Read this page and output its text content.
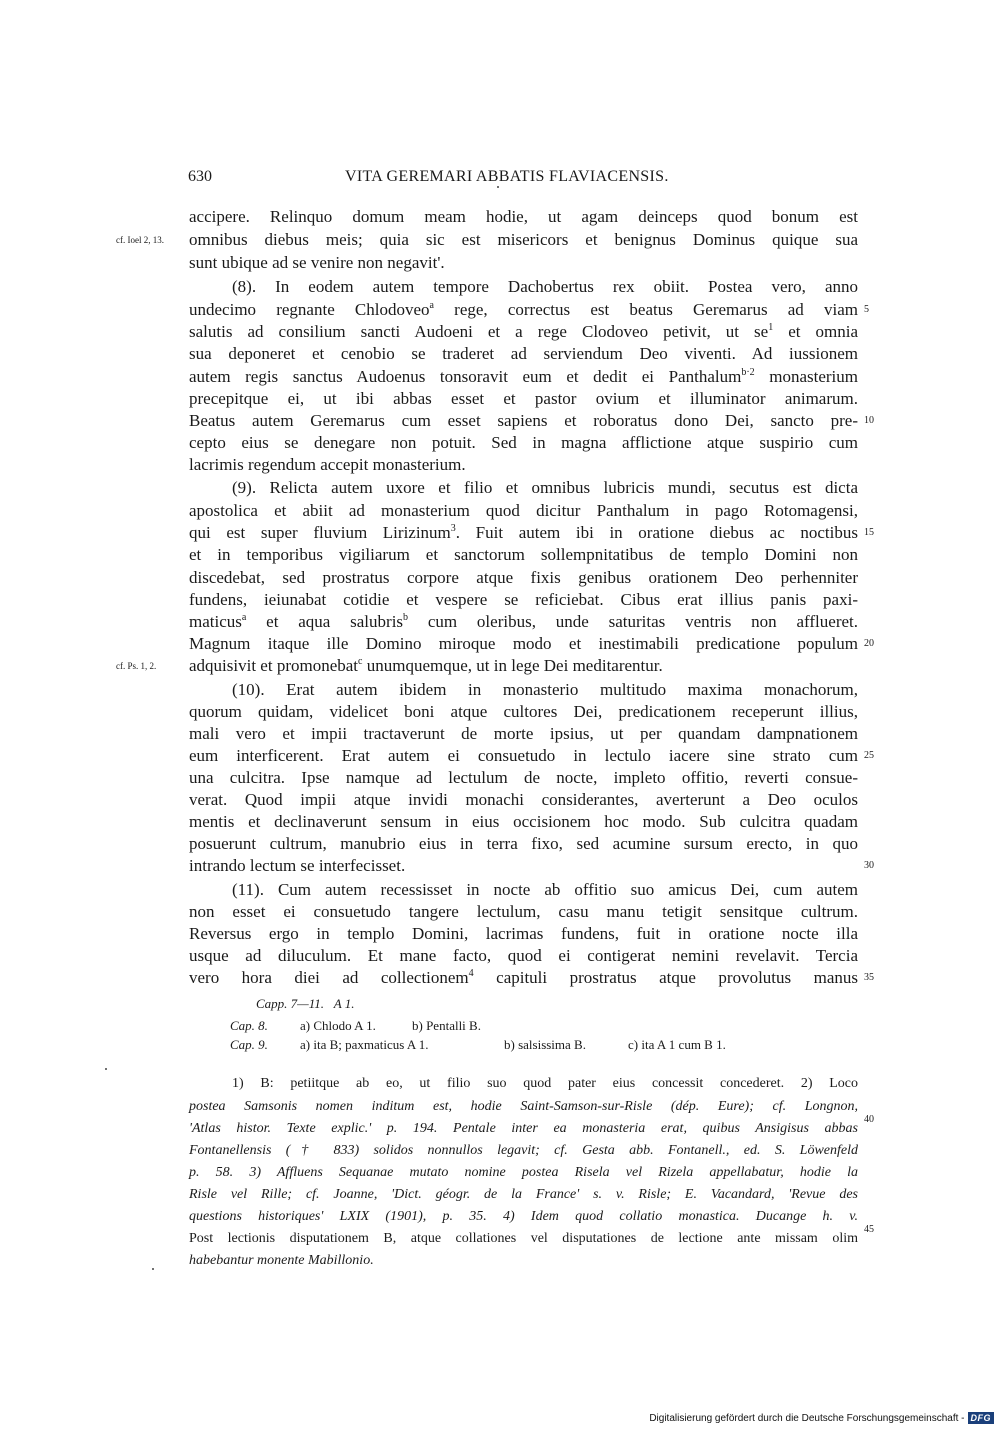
630	VITA GEREMARI ABBATIS FLAVIACENSIS.
accipere. Relinquo domum meam hodie, ut agam deinceps quod bonum est
omnibus diebus meis; quia sic est misericors et benignus Dominus quique sua
sunt ubique ad se venire non negavit'.
(8). In eodem autem tempore Dachobertus rex obiit. Postea vero, anno
undecimo regnante Chlodoveo$^a$ rege, correctus est beatus Geremarus ad viam
salutis ad consilium sancti Audoeni et a rege Clodoveo petivit, ut $se^1$ et omnia
sua deponeret et cenobio se traderet ad serviendum Deo viventi. Ad iussionem
autem regis sanctus Audoenus tonsoravit eum et dedit ei Panthalum$^{b\cdot 2}$ monasterium
precepitque ei, ut ibi abbas esset et pastor ovium et illuminator animarum.
Beatus autem Geremarus cum esset sapiens et roboratus dono Dei, sancto pre-
cepto eius se denegare non potuit. Sed in magna afflictione atque suspirio cum
lacrimis regendum accepit monasterium.
(9). Relicta autem uxore et filio et omnibus lubricis mundi, secutus est dicta
apostolica et abiit ad monasterium quod dicitur Panthalum in pago Rotomagensi,
qui est super fluvium Lirizinum$^3$. Fuit autem ibi in oratione diebus ac noctibus
et in temporibus vigiliarum et sanctorum sollempnitatibus de templo Domini non
discedebat, sed prostratus corpore atque fixis genibus orationem Deo perhenniter
fundens, ieiunabat cotidie et vespere se reficiebat. Cibus erat illius panis paxi-
maticus$^a$ et aqua salubris$^b$ cum oleribus, unde saturitas ventris non afflueret.
Magnum itaque ille Domino miroque modo et inestimabili predicatione populum
adquisivit et promonebat$^c$ unumquemque, ut in lege Dei meditarentur.
(10). Erat autem ibidem in monasterio multitudo maxima monachorum,
quorum quidam, videlicet boni atque cultores Dei, predicationem receperunt illius,
mali vero et impii tractaverunt de morte ipsius, ut per quandam dampnationem
eum interficerent. Erat autem ei consuetudo in lectulo iacere sine strato cum
una culcitra. Ipse namque ad lectulum de nocte, impleto offitio, reverti consue-
verat. Quod impii atque invidi monachi considerantes, averterunt a Deo oculos
mentis et declinaverunt sensum in eius occisionem hoc modo. Sub culcitra quadam
posuerunt cultrum, manubrio eius in terra fixo, sed acumine sursum erecto, in quo
intrando lectum se interfecisset.
(11). Cum autem recessisset in nocte ab offitio suo amicus Dei, cum autem
non esset ei consuetudo tangere lectulum, casu manu tetigit sensitque cultrum.
Reversus ergo in templo Domini, lacrimas fundens, fuit in oratione nocte illa
usque ad diluculum. Et mane facto, quod ei contigerat nemini revelavit. Tercia
vero hora diei ad collectionem$^4$ capituli prostratus atque provolutus manus
cf. Ioel 2, 13.
cf. Ps. 1, 2.
5
10
15
20
25
30
35
40
45
Capp. 7—11. A 1.
Cap. 8. a) Chlodo A 1.	b) Pentalli B.
Cap. 9. a) ita B; paxmaticus A 1.	b) salsissima B.	c) ita A 1 cum B 1.
1) B: petiitque ab eo, ut filio suo quod pater eius concessit concederet. 2) Loco
postea Samsonis nomen inditum est, hodie Saint-Samson-sur-Risle (dép. Eure); cf. Longnon,
'Atlas histor. Texte explic.' p. 194. Pentale inter ea monasteria erat, quibus Ansigisus abbas
Fontanellensis († 833) solidos nonnullos legavit; cf. Gesta abb. Fontanell., ed. S. Löwenfeld
p. 58. 3) Affluens Sequanae mutato nomine postea Risela vel Rizela appellabatur, hodie la
Risle vel Rille; cf. Joanne, 'Dict. géogr. de la France' s. v. Risle; E. Vacandard, 'Revue des
questions historiques' LXIX (1901), p. 35. 4) Idem quod collatio monastica. Ducange h. v.
Post lectionis disputationem B, atque collationes vel disputationes de lectione ante missam olim
habebantur monente Mabillonio.
Digitalisierung gefördert durch die Deutsche Forschungsgemeinschaft - DFG
